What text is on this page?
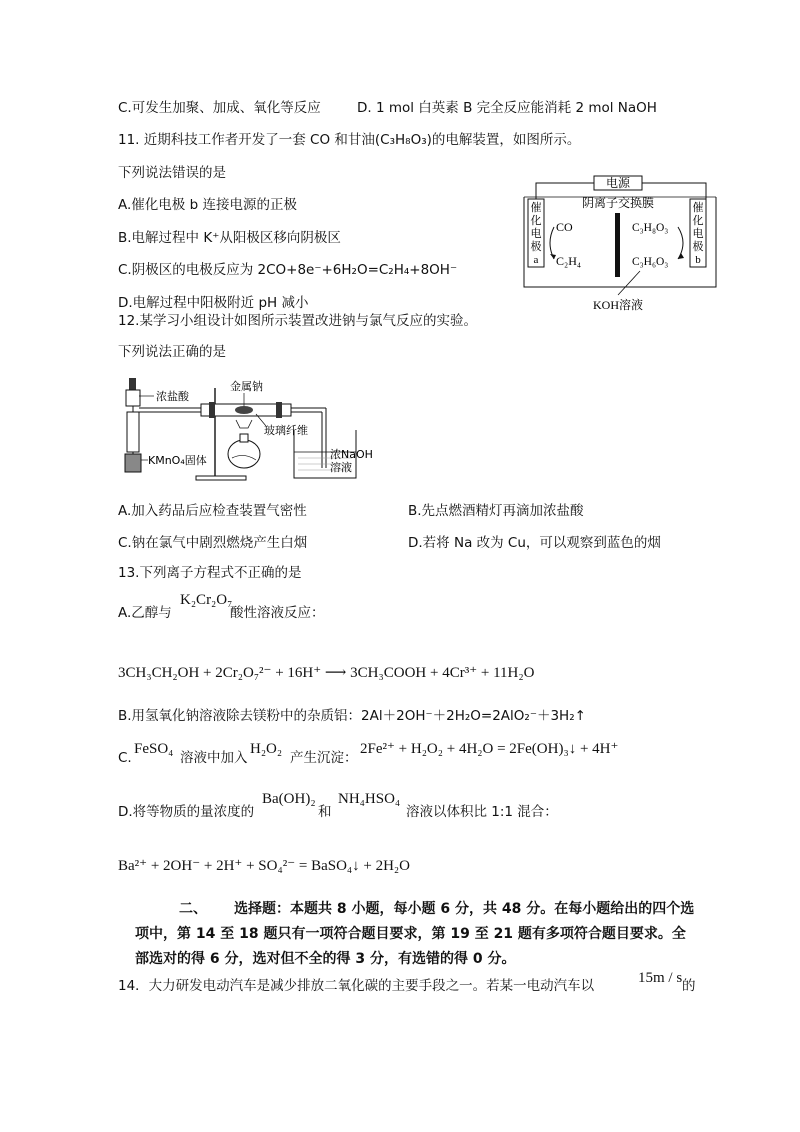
C.可发生加聚、加成、氧化等反应	D. 1 mol 白英素 B 完全反应能消耗 2 mol NaOH
11. 近期科技工作者开发了一套 CO 和甘油(C₃H₈O₃)的电解装置，如图所示。
下列说法错误的是
A.催化电极 b 连接电源的正极
B.电解过程中 K⁺从阳极区移向阴极区
C.阴极区的电极反应为 2CO+8e⁻+6H₂O=C₂H₄+8OH⁻
D.电解过程中阳极附近 pH 减小
电源
阴离子交换膜
催化电极
a
催化电极
b
CO
C₂H₄
C₃H₈O₃
C₃H₆O₃
KOH溶液
12.某学习小组设计如图所示装置改进钠与氯气反应的实验。
下列说法正确的是
浓盐酸
KMnO₄固体
金属钠
玻璃纤维
浓NaOH
溶液
A.加入药品后应检查装置气密性	B.先点燃酒精灯再滴加浓盐酸
C.钠在氯气中剧烈燃烧产生白烟	D.若将 Na 改为 Cu，可以观察到蓝色的烟
13.下列离子方程式不正确的是
A.乙醇与
K₂Cr₂O₇
酸性溶液反应：
3CH₃CH₂OH + 2Cr₂O₇²⁻ + 16H⁺ ⟶ 3CH₃COOH + 4Cr³⁺ + 11H₂O
B.用氢氧化钠溶液除去镁粉中的杂质铝：2Al＋2OH⁻＋2H₂O=2AlO₂⁻＋3H₂↑
C.
FeSO₄
溶液中加入
H₂O₂
产生沉淀：
2Fe²⁺ + H₂O₂ + 4H₂O = 2Fe(OH)₃↓ + 4H⁺
D.将等物质的量浓度的
Ba(OH)₂
和
NH₄HSO₄
溶液以体积比 1:1 混合：
Ba²⁺ + 2OH⁻ + 2H⁺ + SO₄²⁻ = BaSO₄↓ + 2H₂O
二、 选择题：本题共 8 小题，每小题 6 分，共 48 分。在每小题给出的四个选
项中，第 14 至 18 题只有一项符合题目要求，第 19 至 21 题有多项符合题目要求。全
部选对的得 6 分，选对但不全的得 3 分，有选错的得 0 分。
14．大力研发电动汽车是减少排放二氧化碳的主要手段之一。若某一电动汽车以	15m / s 的
